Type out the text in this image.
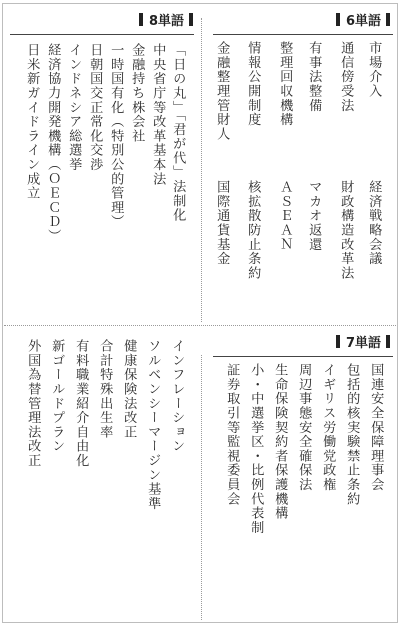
6単語
8単語
7単語
市場介入
通信傍受法
有事法整備
整理回収機構
情報公開制度
金融整理管財人
経済戦略会議
財政構造改革法
マカオ返還
ＡＳＥＡＮ
核拡散防止条約
国際通貨基金
「日の丸」「君が代」法制化
中央省庁等改革基本法
金融持ち株会社
一時国有化（特別公的管理）
日朝国交正常化交渉
インドネシア総選挙
経済協力開発機構（ＯＥＣＤ）
日米新ガイドライン成立
国連安全保障理事会
包括的核実験禁止条約
イギリス労働党政権
周辺事態安全確保法
生命保険契約者保護機構
小・中選挙区・比例代表制
証券取引等監視委員会
インフレーション
ソルベンシーマージン基準
健康保険法改正
合計特殊出生率
有料職業紹介自由化
新ゴールドプラン
外国為替管理法改正
